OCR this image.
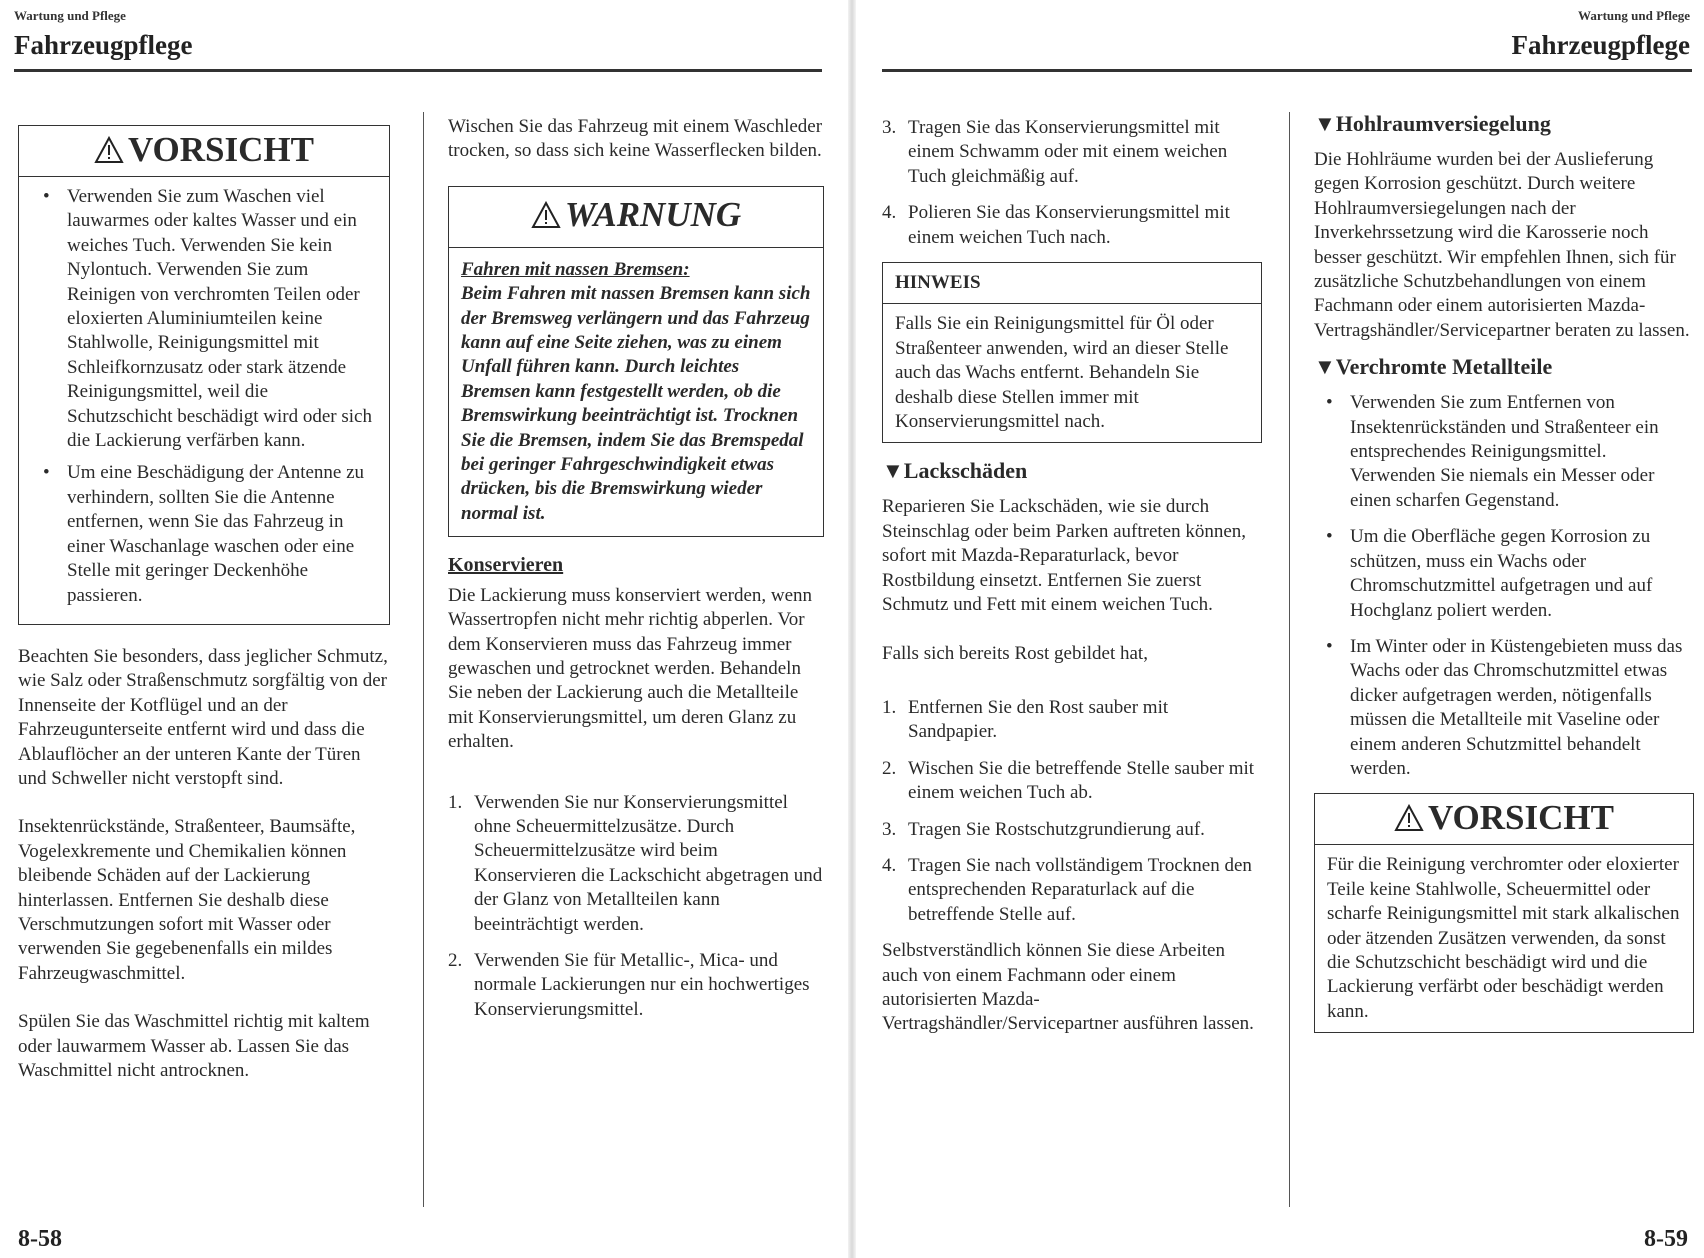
Wartung und Pflege
Fahrzeugpflege
VORSICHT
• Verwenden Sie zum Waschen viel lauwarmes oder kaltes Wasser und ein weiches Tuch. Verwenden Sie kein Nylontuch. Verwenden Sie zum Reinigen von verchromten Teilen oder eloxierten Aluminiumteilen keine Stahlwolle, Reinigungsmittel mit Schleifkornzusatz oder stark ätzende Reinigungsmittel, weil die Schutzschicht beschädigt wird oder sich die Lackierung verfärben kann.
• Um eine Beschädigung der Antenne zu verhindern, sollten Sie die Antenne entfernen, wenn Sie das Fahrzeug in einer Waschanlage waschen oder eine Stelle mit geringer Deckenhöhe passieren.

Beachten Sie besonders, dass jeglicher Schmutz, wie Salz oder Straßenschmutz sorgfältig von der Innenseite der Kotflügel und an der Fahrzeugunterseite entfernt wird und dass die Ablauflöcher an der unteren Kante der Türen und Schweller nicht verstopft sind.

Insektenrückstände, Straßenteer, Baumsäfte, Vogelexkremente und Chemikalien können bleibende Schäden auf der Lackierung hinterlassen. Entfernen Sie deshalb diese Verschmutzungen sofort mit Wasser oder verwenden Sie gegebenenfalls ein mildes Fahrzeugwaschmittel.

Spülen Sie das Waschmittel richtig mit kaltem oder lauwarmem Wasser ab. Lassen Sie das Waschmittel nicht antrocknen.

Wischen Sie das Fahrzeug mit einem Waschleder trocken, so dass sich keine Wasserflecken bilden.

WARNUNG
Fahren mit nassen Bremsen:
Beim Fahren mit nassen Bremsen kann sich der Bremsweg verlängern und das Fahrzeug kann auf eine Seite ziehen, was zu einem Unfall führen kann. Durch leichtes Bremsen kann festgestellt werden, ob die Bremswirkung beeinträchtigt ist. Trocknen Sie die Bremsen, indem Sie das Bremspedal bei geringer Fahrgeschwindigkeit etwas drücken, bis die Bremswirkung wieder normal ist.
Konservieren

Die Lackierung muss konserviert werden, wenn Wassertropfen nicht mehr richtig abperlen. Vor dem Konservieren muss das Fahrzeug immer gewaschen und getrocknet werden. Behandeln Sie neben der Lackierung auch die Metallteile mit Konservierungsmittel, um deren Glanz zu erhalten.

1. Verwenden Sie nur Konservierungsmittel ohne Scheuermittelzusätze. Durch Scheuermittelzusätze wird beim Konservieren die Lackschicht abgetragen und der Glanz von Metallteilen kann beeinträchtigt werden.
2. Verwenden Sie für Metallic-, Mica- und normale Lackierungen nur ein hochwertiges Konservierungsmittel.
8-58
Wartung und Pflege
Fahrzeugpflege
3. Tragen Sie das Konservierungsmittel mit einem Schwamm oder mit einem weichen Tuch gleichmäßig auf.
4. Polieren Sie das Konservierungsmittel mit einem weichen Tuch nach.
HINWEIS
Falls Sie ein Reinigungsmittel für Öl oder Straßenteer anwenden, wird an dieser Stelle auch das Wachs entfernt. Behandeln Sie deshalb diese Stellen immer mit Konservierungsmittel nach.
▼Lackschäden

Reparieren Sie Lackschäden, wie sie durch Steinschlag oder beim Parken auftreten können, sofort mit Mazda-Reparaturlack, bevor Rostbildung einsetzt. Entfernen Sie zuerst Schmutz und Fett mit einem weichen Tuch.

Falls sich bereits Rost gebildet hat,

1. Entfernen Sie den Rost sauber mit Sandpapier.
2. Wischen Sie die betreffende Stelle sauber mit einem weichen Tuch ab.
3. Tragen Sie Rostschutzgrundierung auf.
4. Tragen Sie nach vollständigem Trocknen den entsprechenden Reparaturlack auf die betreffende Stelle auf.

Selbstverständlich können Sie diese Arbeiten auch von einem Fachmann oder einem autorisierten Mazda-Vertragshändler/Servicepartner ausführen lassen.

▼Hohlraumversiegelung

Die Hohlräume wurden bei der Auslieferung gegen Korrosion geschützt. Durch weitere Hohlraumversiegelungen nach der Inverkehrssetzung wird die Karosserie noch besser geschützt. Wir empfehlen Ihnen, sich für zusätzliche Schutzbehandlungen von einem Fachmann oder einem autorisierten Mazda-Vertragshändler/Servicepartner beraten zu lassen.

▼Verchromte Metallteile
• Verwenden Sie zum Entfernen von Insektenrückständen und Straßenteer ein entsprechendes Reinigungsmittel. Verwenden Sie niemals ein Messer oder einen scharfen Gegenstand.
• Um die Oberfläche gegen Korrosion zu schützen, muss ein Wachs oder Chromschutzmittel aufgetragen und auf Hochglanz poliert werden.
• Im Winter oder in Küstengebieten muss das Wachs oder das Chromschutzmittel etwas dicker aufgetragen werden, nötigenfalls müssen die Metallteile mit Vaseline oder einem anderen Schutzmittel behandelt werden.
VORSICHT
Für die Reinigung verchromter oder eloxierter Teile keine Stahlwolle, Scheuermittel oder scharfe Reinigungsmittel mit stark alkalischen oder ätzenden Zusätzen verwenden, da sonst die Schutzschicht beschädigt wird und die Lackierung verfärbt oder beschädigt werden kann.
8-59
